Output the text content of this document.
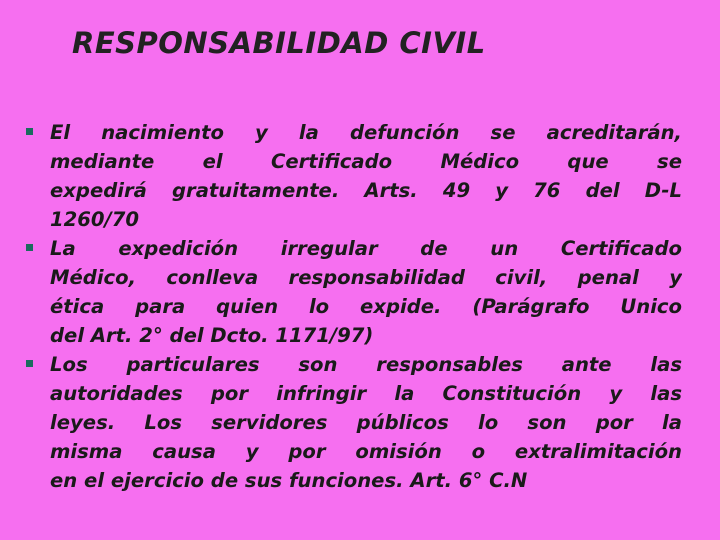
RESPONSABILIDAD CIVIL
El nacimiento y la defunción se acreditarán,
mediante el Certificado Médico que se
expedirá gratuitamente. Arts. 49 y 76 del D-L
1260/70
La expedición irregular de un Certificado
Médico, conlleva responsabilidad civil, penal y
ética para quien lo expide. (Parágrafo Unico
del Art. 2° del Dcto. 1171/97)
Los particulares son responsables ante las
autoridades por infringir la Constitución y las
leyes. Los servidores públicos lo son por la
misma causa y por omisión o extralimitación
en el ejercicio de sus funciones. Art. 6° C.N
